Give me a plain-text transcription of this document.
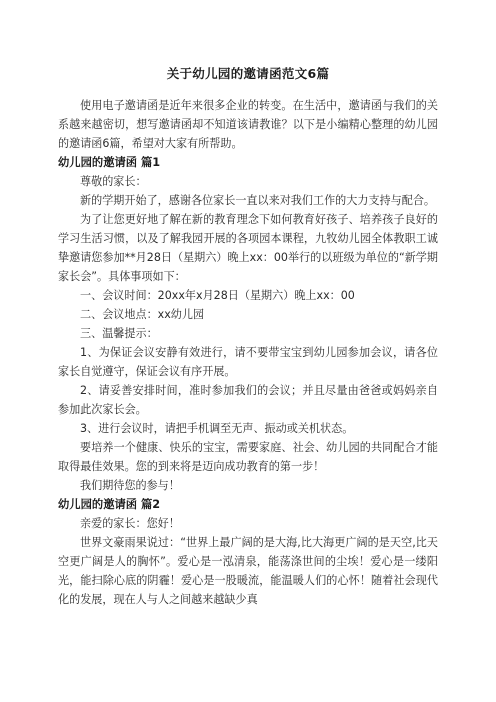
关于幼儿园的邀请函范文6篇

使用电子邀请函是近年来很多企业的转变。在生活中，邀请函与我们的关系越来越密切，想写邀请函却不知道该请教谁？以下是小编精心整理的幼儿园的邀请函6篇，希望对大家有所帮助。

幼儿园的邀请函 篇1

尊敬的家长：

新的学期开始了，感谢各位家长一直以来对我们工作的大力支持与配合。

为了让您更好地了解在新的教育理念下如何教育好孩子、培养孩子良好的学习生活习惯，以及了解我园开展的各项园本课程，九牧幼儿园全体教职工诚挚邀请您参加**月28日（星期六）晚上xx：00举行的以班级为单位的“新学期家长会”。具体事项如下：

一、会议时间：20xx年x月28日（星期六）晚上xx：00

二、会议地点：xx幼儿园

三、温馨提示：

1、为保证会议安静有效进行，请不要带宝宝到幼儿园参加会议，请各位家长自觉遵守，保证会议有序开展。

2、请妥善安排时间，准时参加我们的会议；并且尽量由爸爸或妈妈亲自参加此次家长会。

3、进行会议时，请把手机调至无声、振动或关机状态。

要培养一个健康、快乐的宝宝，需要家庭、社会、幼儿园的共同配合才能取得最佳效果。您的到来将是迈向成功教育的第一步！

我们期待您的参与！

幼儿园的邀请函 篇2

亲爱的家长：您好！

世界文豪雨果说过：“世界上最广阔的是大海,比大海更广阔的是天空,比天空更广阔是人的胸怀”。爱心是一泓清泉，能荡涤世间的尘埃！爱心是一缕阳光，能扫除心底的阴霾！爱心是一股暖流，能温暖人们的心怀！随着社会现代化的发展，现在人与人之间越来越缺少真
